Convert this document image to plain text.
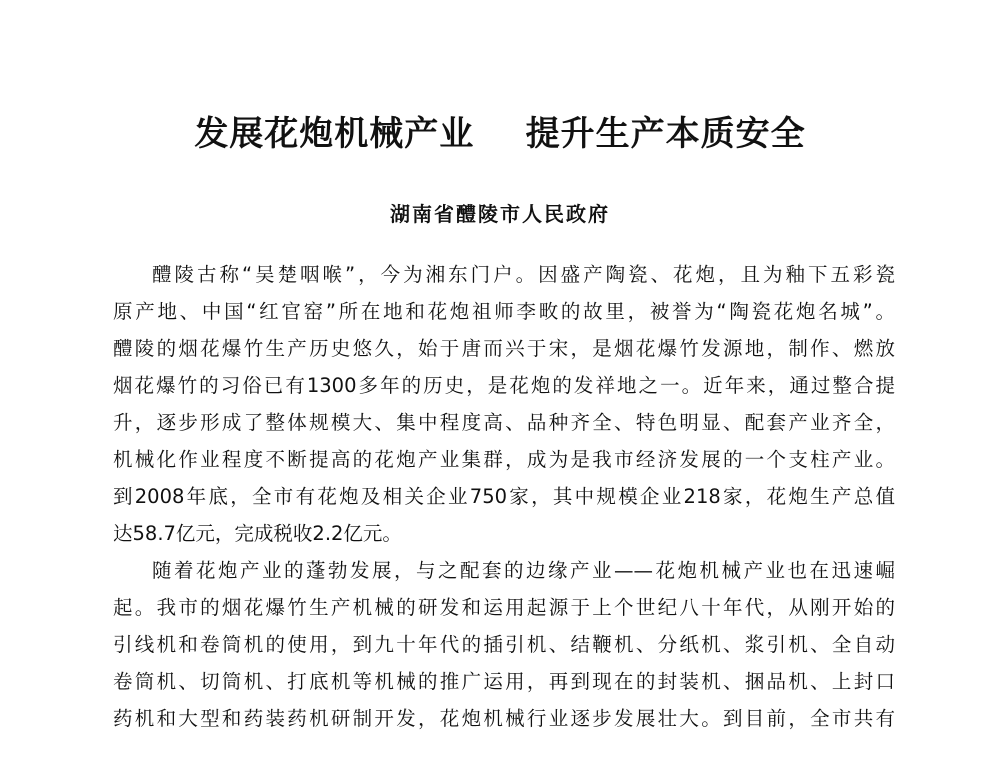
发展花炮机械产业    提升生产本质安全
湖南省醴陵市人民政府
醴陵古称“吴楚咽喉”，今为湘东门户。因盛产陶瓷、花炮，且为釉下五彩瓷
原产地、中国“红官窑”所在地和花炮祖师李畋的故里，被誉为“陶瓷花炮名城”。
醴陵的烟花爆竹生产历史悠久，始于唐而兴于宋，是烟花爆竹发源地，制作、燃放
烟花爆竹的习俗已有1300多年的历史，是花炮的发祥地之一。近年来，通过整合提
升，逐步形成了整体规模大、集中程度高、品种齐全、特色明显、配套产业齐全，
机械化作业程度不断提高的花炮产业集群，成为是我市经济发展的一个支柱产业。
到2008年底，全市有花炮及相关企业750家，其中规模企业218家，花炮生产总值
达58.7亿元，完成税收2.2亿元。
随着花炮产业的蓬勃发展，与之配套的边缘产业——花炮机械产业也在迅速崛
起。我市的烟花爆竹生产机械的研发和运用起源于上个世纪八十年代，从刚开始的
引线机和卷筒机的使用，到九十年代的插引机、结鞭机、分纸机、浆引机、全自动
卷筒机、切筒机、打底机等机械的推广运用，再到现在的封装机、捆品机、上封口
药机和大型和药装药机研制开发，花炮机械行业逐步发展壮大。到目前，全市共有
